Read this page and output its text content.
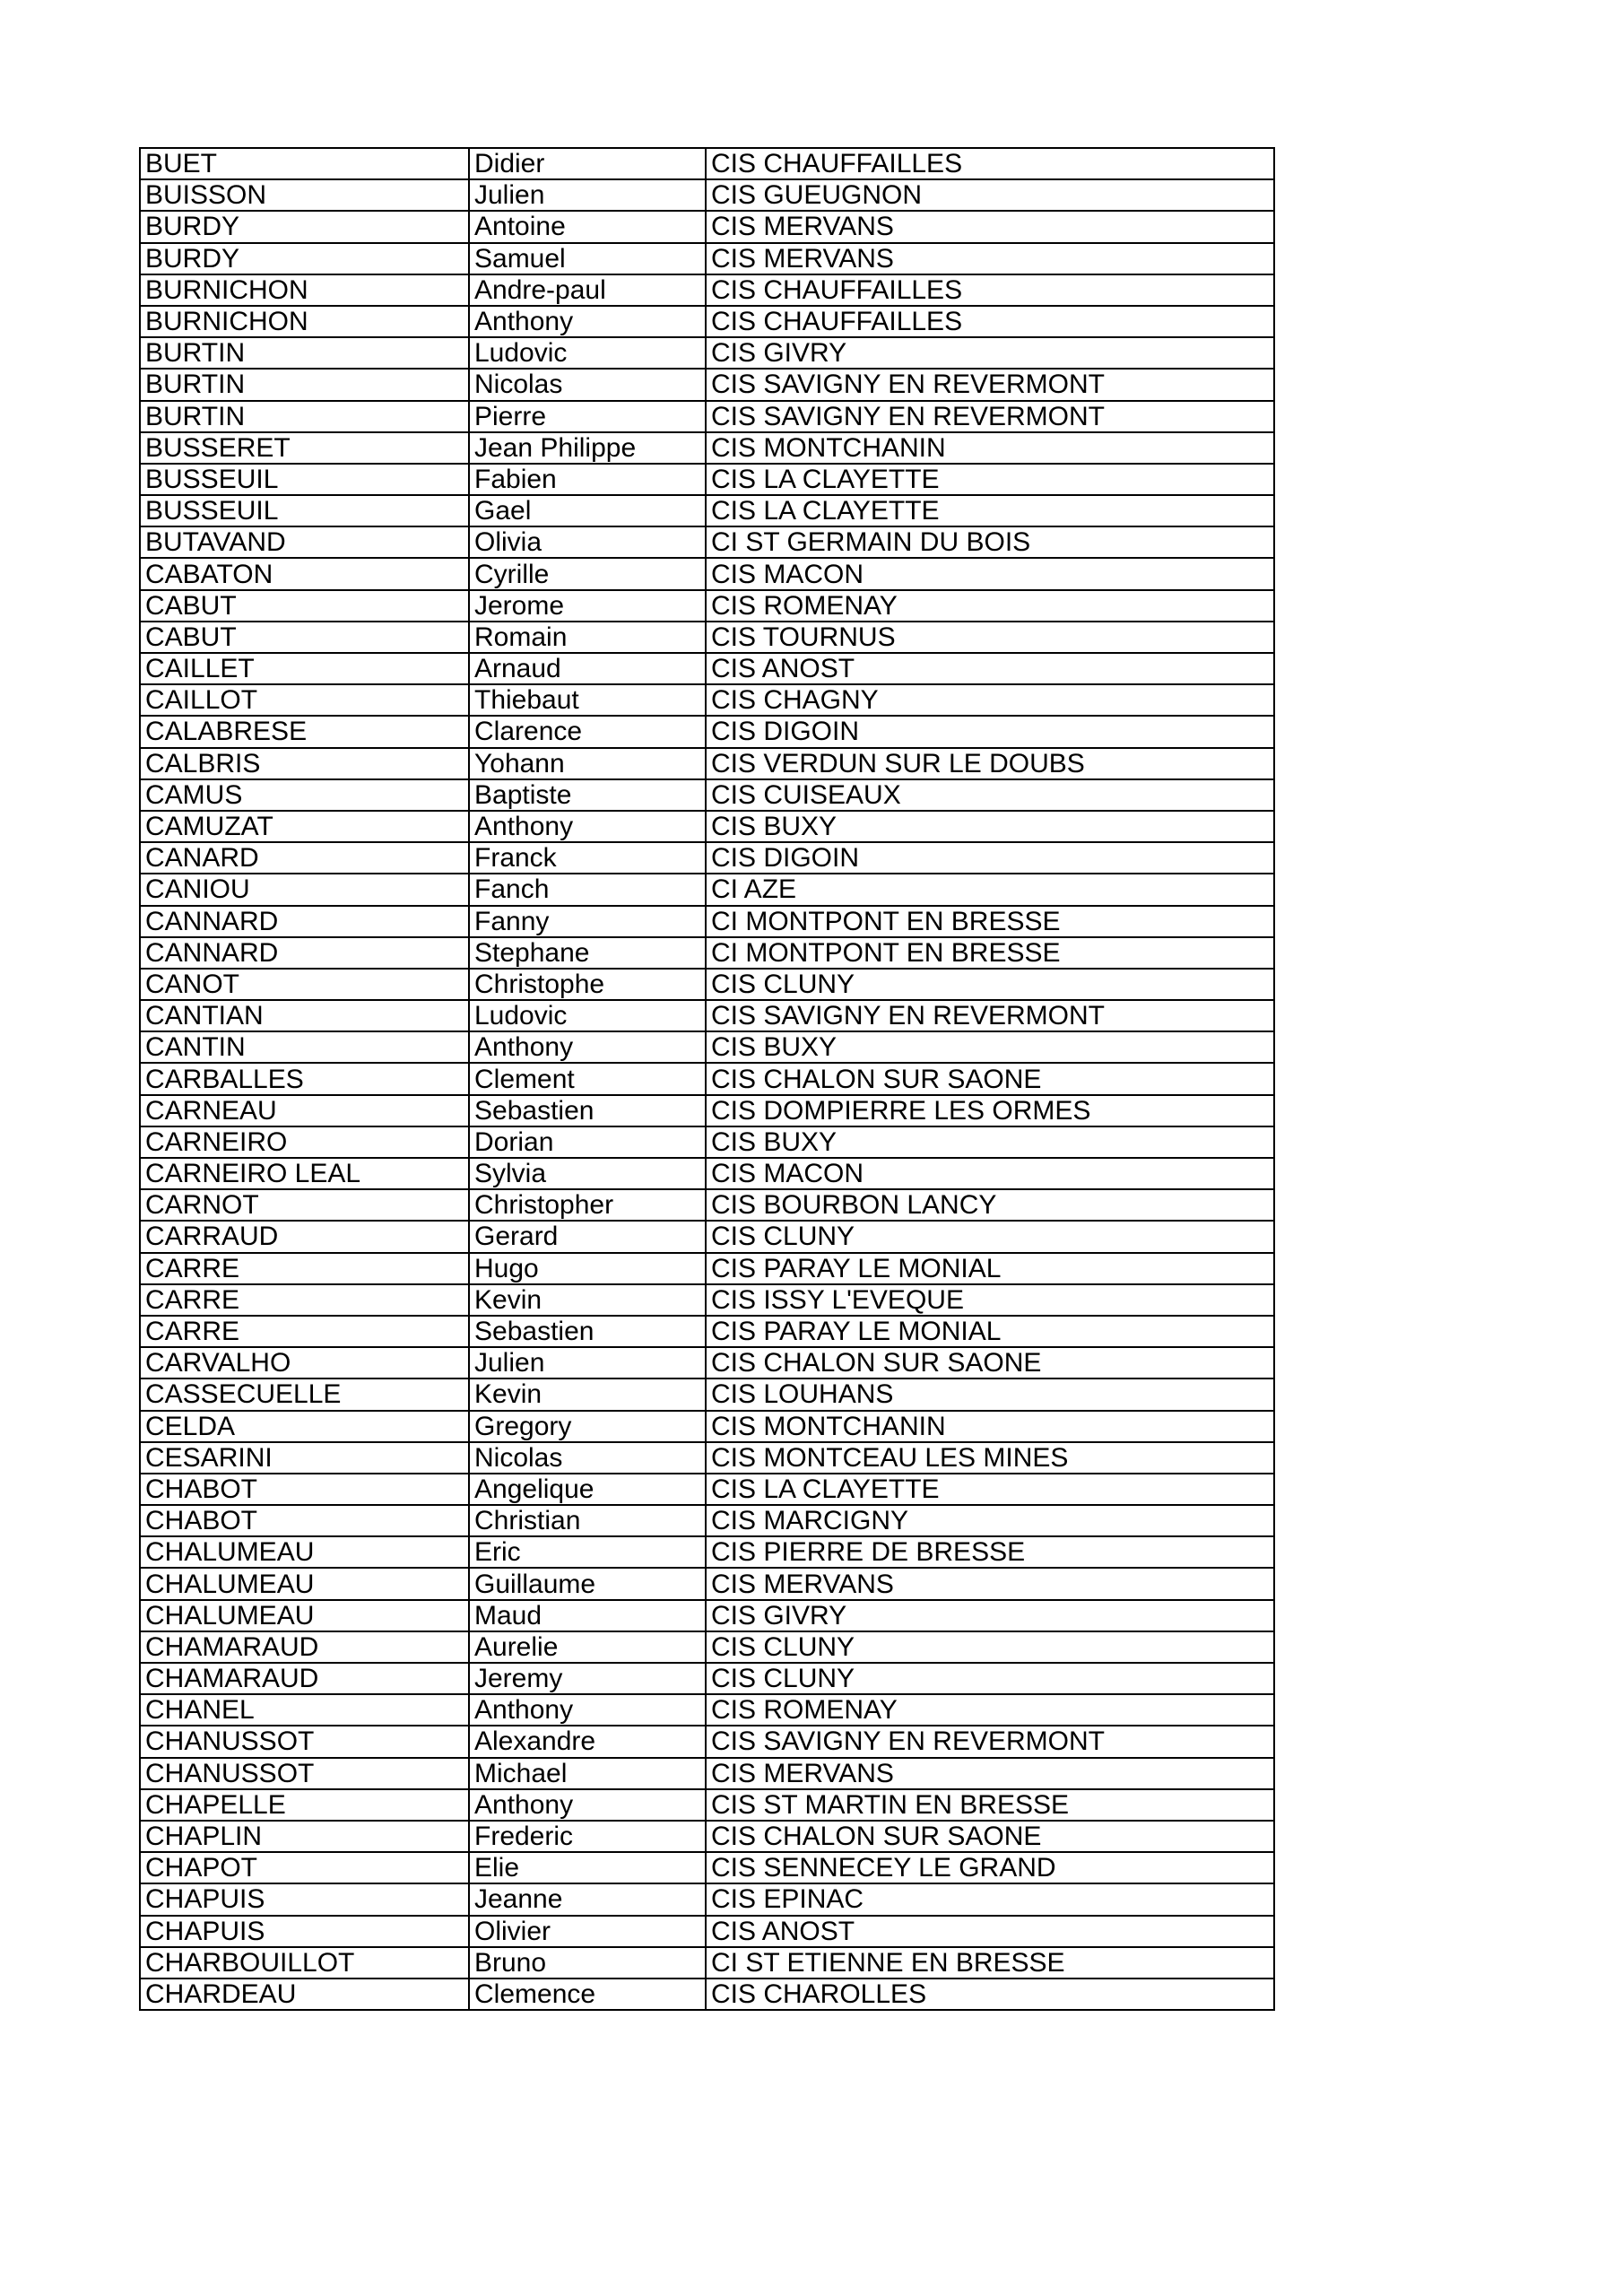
BUET	Didier	CIS CHAUFFAILLES
BUISSON	Julien	CIS GUEUGNON
BURDY	Antoine	CIS MERVANS
BURDY	Samuel	CIS MERVANS
BURNICHON	Andre-paul	CIS CHAUFFAILLES
BURNICHON	Anthony	CIS CHAUFFAILLES
BURTIN	Ludovic	CIS GIVRY
BURTIN	Nicolas	CIS SAVIGNY EN REVERMONT
BURTIN	Pierre	CIS SAVIGNY EN REVERMONT
BUSSERET	Jean Philippe	CIS MONTCHANIN
BUSSEUIL	Fabien	CIS LA CLAYETTE
BUSSEUIL	Gael	CIS LA CLAYETTE
BUTAVAND	Olivia	CI ST GERMAIN DU BOIS
CABATON	Cyrille	CIS MACON
CABUT	Jerome	CIS ROMENAY
CABUT	Romain	CIS TOURNUS
CAILLET	Arnaud	CIS ANOST
CAILLOT	Thiebaut	CIS CHAGNY
CALABRESE	Clarence	CIS DIGOIN
CALBRIS	Yohann	CIS VERDUN SUR LE DOUBS
CAMUS	Baptiste	CIS CUISEAUX
CAMUZAT	Anthony	CIS BUXY
CANARD	Franck	CIS DIGOIN
CANIOU	Fanch	CI AZE
CANNARD	Fanny	CI MONTPONT EN BRESSE
CANNARD	Stephane	CI MONTPONT EN BRESSE
CANOT	Christophe	CIS CLUNY
CANTIAN	Ludovic	CIS SAVIGNY EN REVERMONT
CANTIN	Anthony	CIS BUXY
CARBALLES	Clement	CIS CHALON SUR SAONE
CARNEAU	Sebastien	CIS DOMPIERRE LES ORMES
CARNEIRO	Dorian	CIS BUXY
CARNEIRO LEAL	Sylvia	CIS MACON
CARNOT	Christopher	CIS BOURBON LANCY
CARRAUD	Gerard	CIS CLUNY
CARRE	Hugo	CIS PARAY LE MONIAL
CARRE	Kevin	CIS ISSY L'EVEQUE
CARRE	Sebastien	CIS PARAY LE MONIAL
CARVALHO	Julien	CIS CHALON SUR SAONE
CASSECUELLE	Kevin	CIS LOUHANS
CELDA	Gregory	CIS MONTCHANIN
CESARINI	Nicolas	CIS MONTCEAU LES MINES
CHABOT	Angelique	CIS LA CLAYETTE
CHABOT	Christian	CIS MARCIGNY
CHALUMEAU	Eric	CIS PIERRE DE BRESSE
CHALUMEAU	Guillaume	CIS MERVANS
CHALUMEAU	Maud	CIS GIVRY
CHAMARAUD	Aurelie	CIS CLUNY
CHAMARAUD	Jeremy	CIS CLUNY
CHANEL	Anthony	CIS ROMENAY
CHANUSSOT	Alexandre	CIS SAVIGNY EN REVERMONT
CHANUSSOT	Michael	CIS MERVANS
CHAPELLE	Anthony	CIS ST MARTIN EN BRESSE
CHAPLIN	Frederic	CIS CHALON SUR SAONE
CHAPOT	Elie	CIS SENNECEY LE GRAND
CHAPUIS	Jeanne	CIS EPINAC
CHAPUIS	Olivier	CIS ANOST
CHARBOUILLOT	Bruno	CI ST ETIENNE EN BRESSE
CHARDEAU	Clemence	CIS CHAROLLES
